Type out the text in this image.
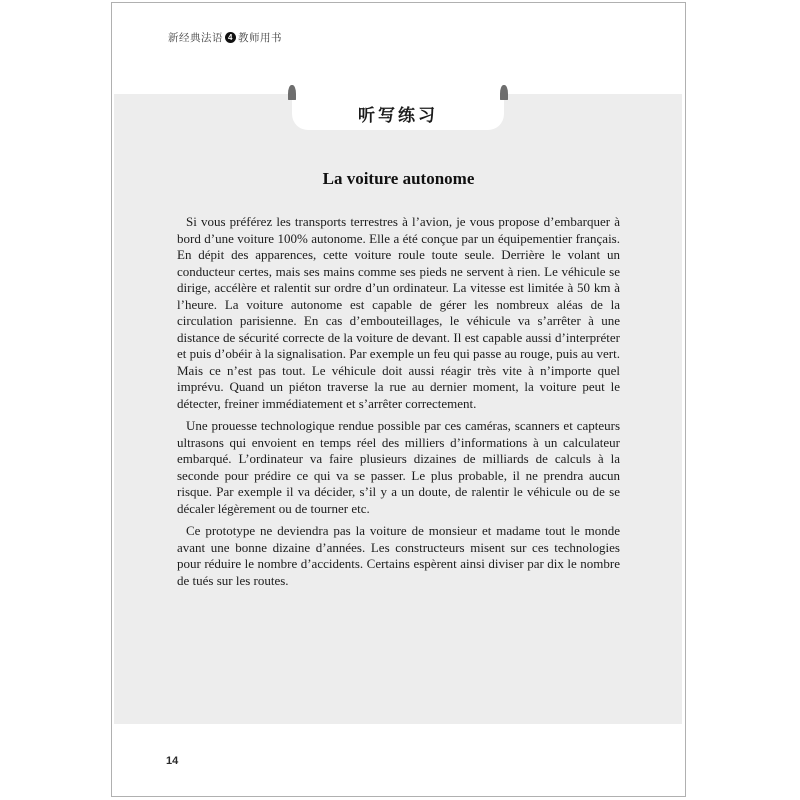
新经典法语 4 教师用书
听写练习
La voiture autonome

Si vous préférez les transports terrestres à l’avion, je vous propose d’embarquer à bord d’une voiture 100% autonome. Elle a été conçue par un équipementier français. En dépit des apparences, cette voiture roule toute seule. Derrière le volant un conducteur certes, mais ses mains comme ses pieds ne servent à rien. Le véhicule se dirige, accélère et ralentit sur ordre d’un ordinateur. La vitesse est limitée à 50 km à l’heure. La voiture autonome est capable de gérer les nombreux aléas de la circulation parisienne. En cas d’embouteillages, le véhicule va s’arrêter à une distance de sécurité correcte de la voiture de devant. Il est capable aussi d’interpréter et puis d’obéir à la signalisation. Par exemple un feu qui passe au rouge, puis au vert. Mais ce n’est pas tout. Le véhicule doit aussi réagir très vite à n’importe quel imprévu. Quand un piéton traverse la rue au dernier moment, la voiture peut le détecter, freiner immédiatement et s’arrêter correctement.

Une prouesse technologique rendue possible par ces caméras, scanners et capteurs ultrasons qui envoient en temps réel des milliers d’informations à un calculateur embarqué. L’ordinateur va faire plusieurs dizaines de milliards de calculs à la seconde pour prédire ce qui va se passer. Le plus probable, il ne prendra aucun risque. Par exemple il va décider, s’il y a un doute, de ralentir le véhicule ou de se décaler légèrement ou de tourner etc.

Ce prototype ne deviendra pas la voiture de monsieur et madame tout le monde avant une bonne dizaine d’années. Les constructeurs misent sur ces technologies pour réduire le nombre d’accidents. Certains espèrent ainsi diviser par dix le nombre de tués sur les routes.

14
